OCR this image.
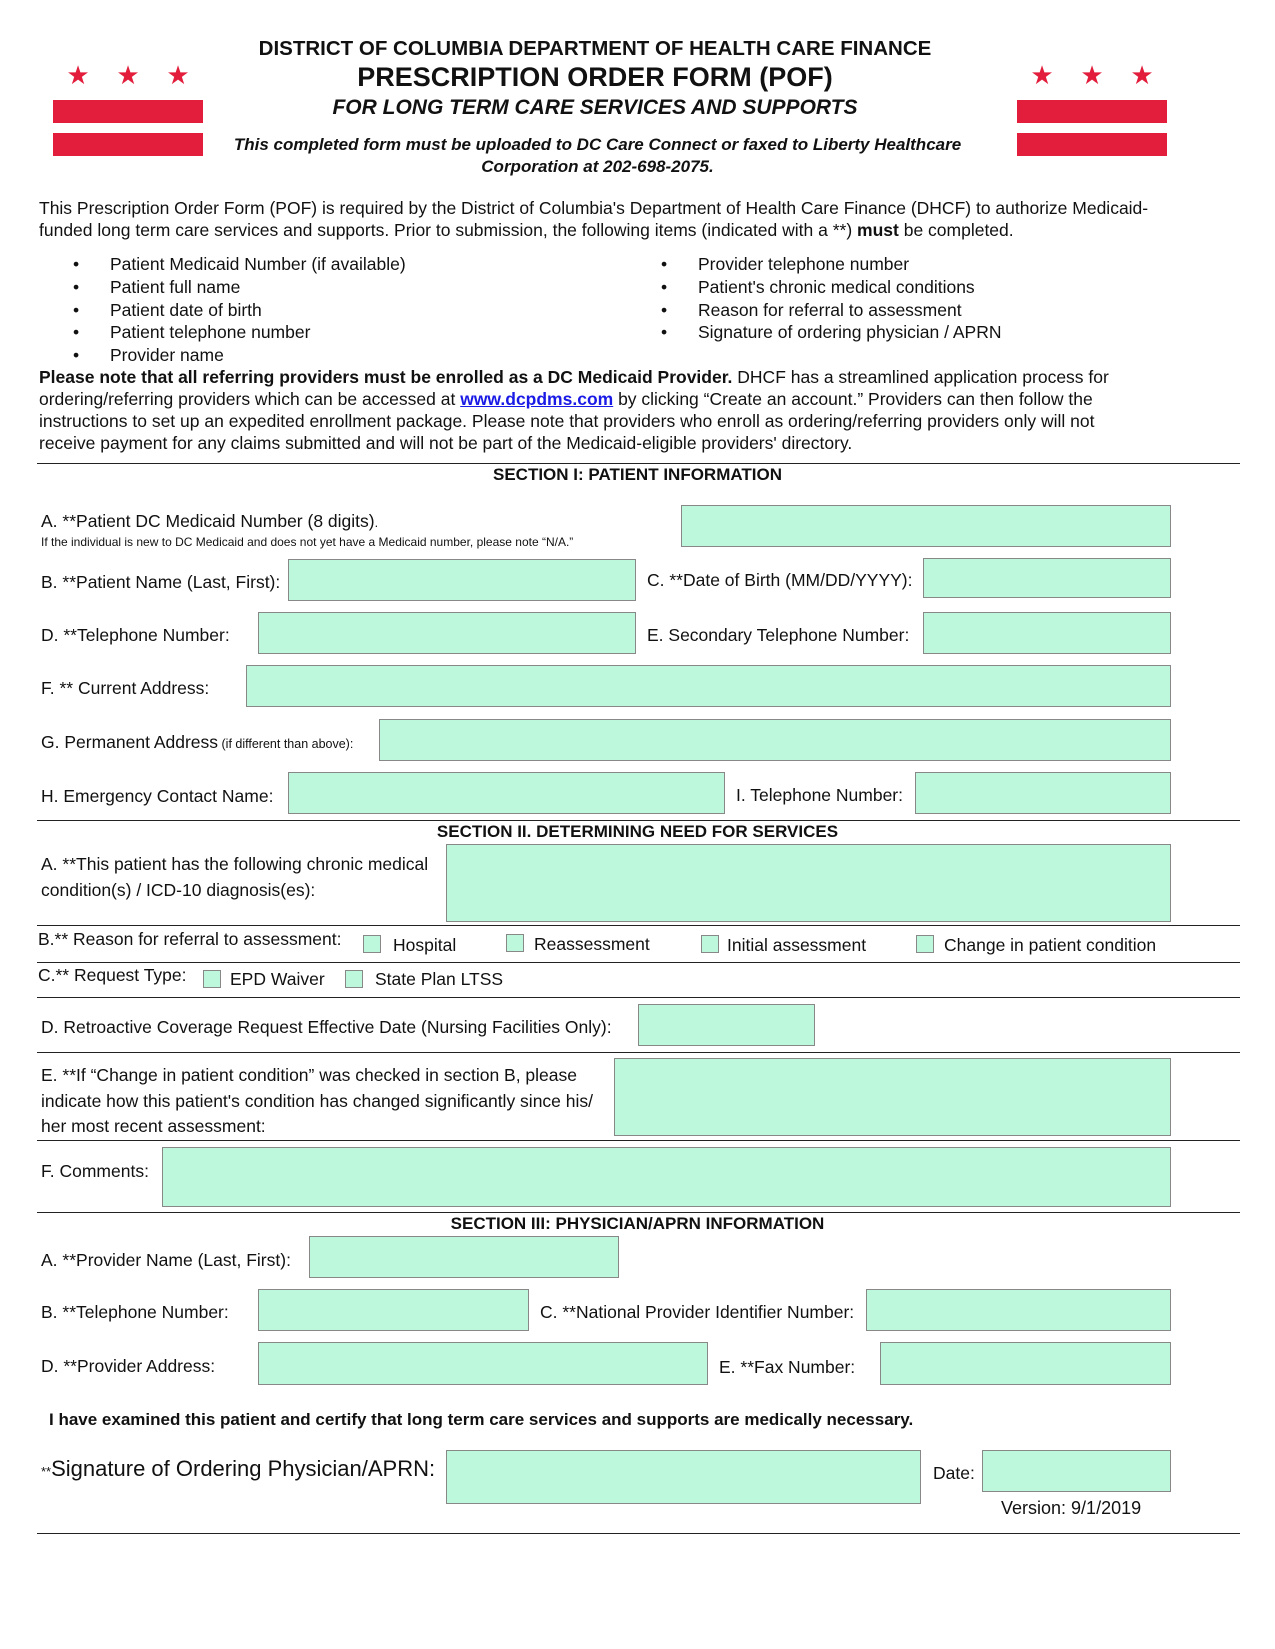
★ ★ ★	★ ★ ★
DISTRICT OF COLUMBIA DEPARTMENT OF HEALTH CARE FINANCE
PRESCRIPTION ORDER FORM (POF)
FOR LONG TERM CARE SERVICES AND SUPPORTS
This completed form must be uploaded to DC Care Connect or faxed to Liberty Healthcare
Corporation at 202-698-2075.
This Prescription Order Form (POF) is required by the District of Columbia's Department of Health Care Finance (DHCF) to authorize Medicaid-
funded long term care services and supports. Prior to submission, the following items (indicated with a **) must be completed.
• Patient Medicaid Number (if available)
• Patient full name
• Patient date of birth
• Patient telephone number
• Provider name
• Provider telephone number
• Patient's chronic medical conditions
• Reason for referral to assessment
• Signature of ordering physician / APRN
Please note that all referring providers must be enrolled as a DC Medicaid Provider. DHCF has a streamlined application process for
ordering/referring providers which can be accessed at www.dcpdms.com by clicking “Create an account.” Providers can then follow the
instructions to set up an expedited enrollment package. Please note that providers who enroll as ordering/referring providers only will not
receive payment for any claims submitted and will not be part of the Medicaid-eligible providers' directory.
SECTION I: PATIENT INFORMATION
A. **Patient DC Medicaid Number (8 digits).
If the individual is new to DC Medicaid and does not yet have a Medicaid number, please note “N/A.”
B. **Patient Name (Last, First):	C. **Date of Birth (MM/DD/YYYY):
D. **Telephone Number:	E. Secondary Telephone Number:
F. ** Current Address:
G. Permanent Address (if different than above):
H. Emergency Contact Name:	I. Telephone Number:
SECTION II. DETERMINING NEED FOR SERVICES
A. **This patient has the following chronic medical
condition(s) / ICD-10 diagnosis(es):
B.** Reason for referral to assessment:	Hospital	Reassessment	Initial assessment	Change in patient condition
C.** Request Type: EPD Waiver	State Plan LTSS
D. Retroactive Coverage Request Effective Date (Nursing Facilities Only):
E. **If “Change in patient condition” was checked in section B, please
indicate how this patient's condition has changed significantly since his/
her most recent assessment:
F. Comments:
SECTION III: PHYSICIAN/APRN INFORMATION
A. **Provider Name (Last, First):
B. **Telephone Number:	C. **National Provider Identifier Number:
D. **Provider Address:	E. **Fax Number:
I have examined this patient and certify that long term care services and supports are medically necessary.
**Signature of Ordering Physician/APRN:	Date:
Version: 9/1/2019
